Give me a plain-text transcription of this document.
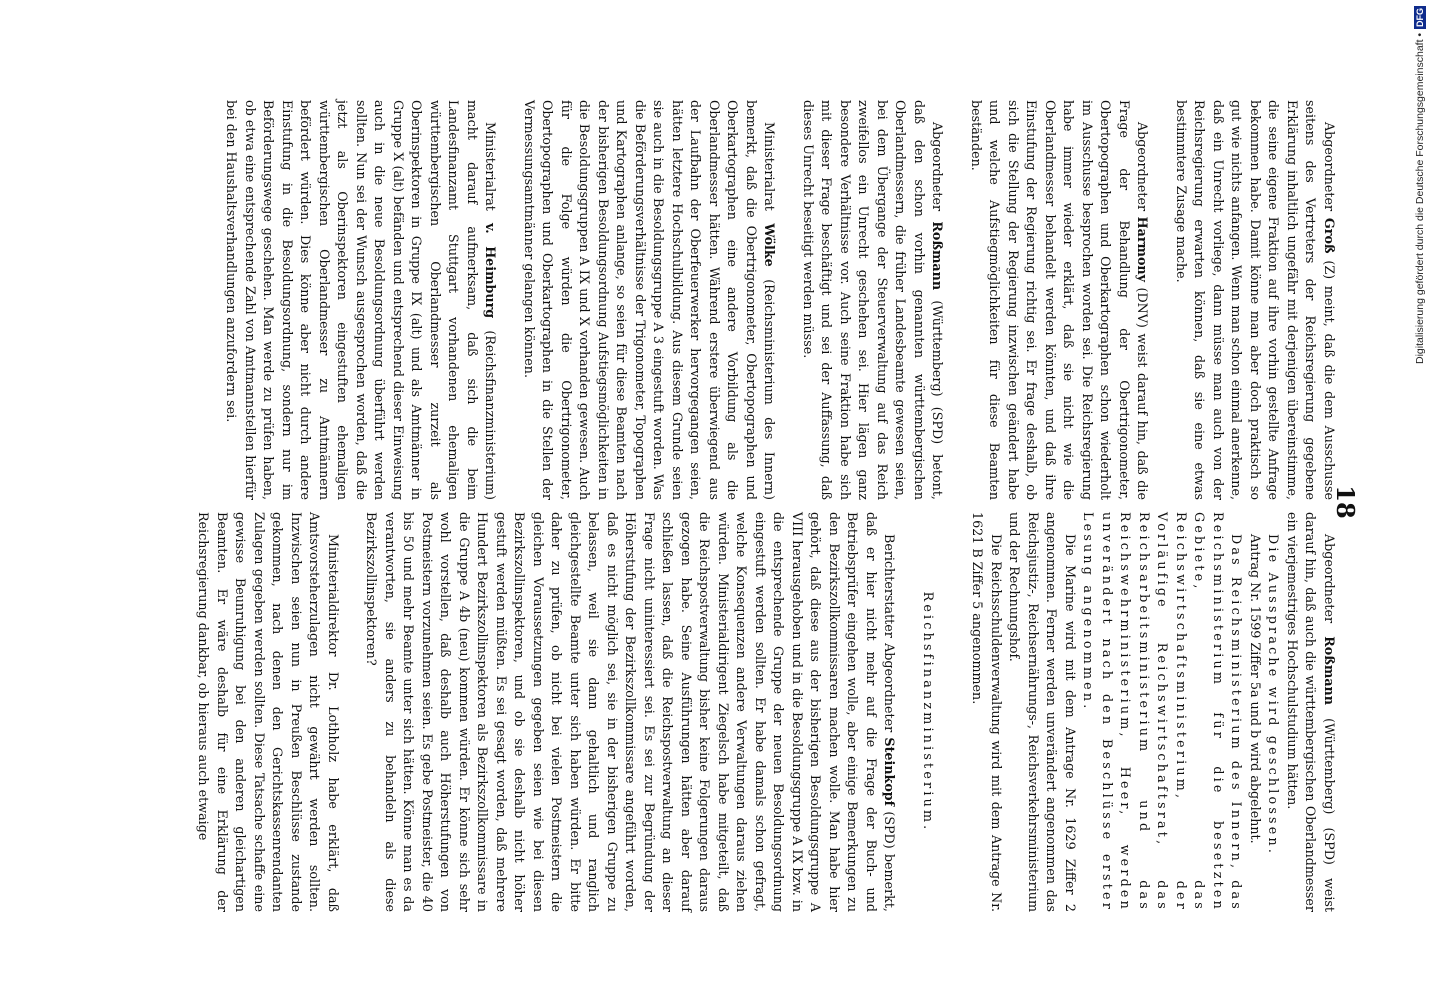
18

Abgeordneter Groß (Z) meint, daß die dem Ausschusse seitens des Vertreters der Reichsregierung gegebene Erklärung inhaltlich ungefähr mit derjenigen übereinstimme, die seine eigene Fraktion auf ihre vorhin gestellte Anfrage bekommen habe. Damit könne man aber doch praktisch so gut wie nichts anfangen. Wenn man schon einmal anerkenne, daß ein Unrecht vorliege, dann müsse man auch von der Reichsregierung erwarten können, daß sie eine etwas bestimmtere Zusage mache.

Abgeordneter Harmony (DNV) weist darauf hin, daß die Frage der Behandlung der Obertrigonometer, Obertopographen und Oberkartographen schon wiederholt im Ausschusse besprochen worden sei. Die Reichsregierung habe immer wieder erklärt, daß sie nicht wie die Oberlandmesser behandelt werden könnten, und daß ihre Einstufung der Regierung richtig sei. Er frage deshalb, ob sich die Stellung der Regierung inzwischen geändert habe und welche Aufstiegmöglichkeiten für diese Beamten beständen.

Abgeordneter Roßmann (Württemberg) (SPD) betont, daß den schon vorhin genannten württembergischen Oberlandmessern, die früher Landesbeamte gewesen seien, bei dem Übergange der Steuerverwaltung auf das Reich zweifellos ein Unrecht geschehen sei. Hier lägen ganz besondere Verhältnisse vor. Auch seine Fraktion habe sich mit dieser Frage beschäftigt und sei der Auffassung, daß dieses Unrecht beseitigt werden müsse.

Ministerialrat Wölke (Reichsministerium des Innern) bemerkt, daß die Obertrigonometer, Obertopographen und Oberkartographen eine andere Vorbildung als die Oberlandmesser hätten. Während erstere überwiegend aus der Laufbahn der Oberfeuerwerker hervorgegangen seien, hätten letztere Hochschulbildung. Aus diesem Grunde seien sie auch in die Besoldungsgruppe A 3 eingestuft worden. Was die Beförderungsverhältnisse der Trigonometer, Topographen und Kartographen anlange, so seien für diese Beamten nach der bisherigen Besoldungsordnung Aufstiegsmöglichkeiten in die Besoldungsgruppen A IX und X vorhanden gewesen. Auch für die Folge würden die Obertrigonometer, Obertopographen und Oberkartographen in die Stellen der Vermessungsamtmänner gelangen können.

Ministerialrat v. Heimburg (Reichsfinanzministerium) macht darauf aufmerksam, daß sich die beim Landesfinanzamt Stuttgart vorhandenen ehemaligen württembergischen Oberlandmesser zurzeit als Oberinspektoren in Gruppe IX (alt) und als Amtmänner in Gruppe X (alt) befänden und entsprechend dieser Einweisung auch in die neue Besoldungsordnung überführt werden sollten. Nun sei der Wunsch ausgesprochen worden, daß die jetzt als Oberinspektoren eingestuften ehemaligen württembergischen Oberlandmesser zu Amtmännern befördert würden. Dies könne aber nicht durch andere Einstufung in die Besoldungsordnung, sondern nur im Beförderungswege geschehen. Man werde zu prüfen haben, ob etwa eine entsprechende Zahl von Amtmannstellen hierfür bei den Haushaltsverhandlungen anzufordern sei.

Abgeordneter Roßmann (Württemberg) (SPD) weist darauf hin, daß auch die württembergischen Oberlandmesser ein vierjemestriges Hochschulstudium hätten.

Die Aussprache wird geschlossen.

Antrag Nr. 1599 Ziffer 5a und b wird abgelehnt.

Das Reichsministerium des Innern, das Reichsministerium für die besetzten Gebiete, das Reichswirtschaftsministerium, der Vorläufige Reichswirtschaftsrat, das Reichsarbeitsministerium und das Reichswehrministerium, Heer, werden unverändert nach den Beschlüsse erster Lesung angenommen.

Die Marine wird mit dem Antrage Nr. 1629 Ziffer 2 angenommen. Ferner werden unverändert angenommen das Reichsjustiz-, Reichsernährungs-, Reichsverkehrsministerium und der Rechnungshof.

Die Reichsschuldenverwaltung wird mit dem Antrage Nr. 1621 B Ziffer 5 angenommen.

Reichsfinanzministerium.

Berichterstatter Abgeordneter Steinkopf (SPD) bemerkt, daß er hier nicht mehr auf die Frage der Buch- und Betriebsprüfer eingehen wolle, aber einige Bemerkungen zu den Bezirkszollkommissaren machen wolle. Man habe hier gehört, daß diese aus der bisherigen Besoldungsgruppe A VIII herausgehoben und in die Besoldungsgruppe A IX bzw. in die entsprechende Gruppe der neuen Besoldungsordnung eingestuft werden sollten. Er habe damals schon gefragt, welche Konsequenzen andere Verwaltungen daraus ziehen würden. Ministerialdirigent Ziegelsch habe mitgeteilt, daß die Reichspostverwaltung bisher keine Folgerungen daraus gezogen habe. Seine Ausführungen hätten aber darauf schließen lassen, daß die Reichspostverwaltung an dieser Frage nicht uninteressiert sei. Es sei zur Begründung der Höherstufung der Bezirkszollkommissare angeführt worden, daß es nicht möglich sei, sie in der bisherigen Gruppe zu belassen, weil sie dann gehaltlich und ranglich gleichgestellte Beamte unter sich haben würden. Er bitte daher zu prüfen, ob nicht bei vielen Postmeistern die gleichen Voraussetzungen gegeben seien wie bei diesen Bezirkszollinspektoren, und ob sie deshalb nicht höher gestuft werden müßten. Es sei gesagt worden, daß mehrere Hundert Bezirkszollinspektoren als Bezirkszollkommissare in die Gruppe A 4b (neu) kommen würden. Er könne sich sehr wohl vorstellen, daß deshalb auch Höherstufungen von Postmeistern vorzunehmen seien. Es gebe Postmeister, die 40 bis 50 und mehr Beamte unter sich hätten. Könne man es da verantworten, sie anders zu behandeln als diese Bezirkszollinspektoren?

Ministerialdirektor Dr. Lothholz habe erklärt, daß Amtsvorsteherzulagen nicht gewährt werden sollten. Inzwischen seien nun in Preußen Beschlüsse zustande gekommen, nach denen den Gerichtskassenrendanten Zulagen gegeben werden sollten. Diese Tatsache schaffe eine gewisse Beunruhigung bei den anderen gleichartigen Beamten. Er wäre deshalb für eine Erklärung der Reichsregierung dankbar, ob hieraus auch etwaige

Digitalisierung gefördert durch die Deutsche Forschungsgemeinschaft •
DFG
